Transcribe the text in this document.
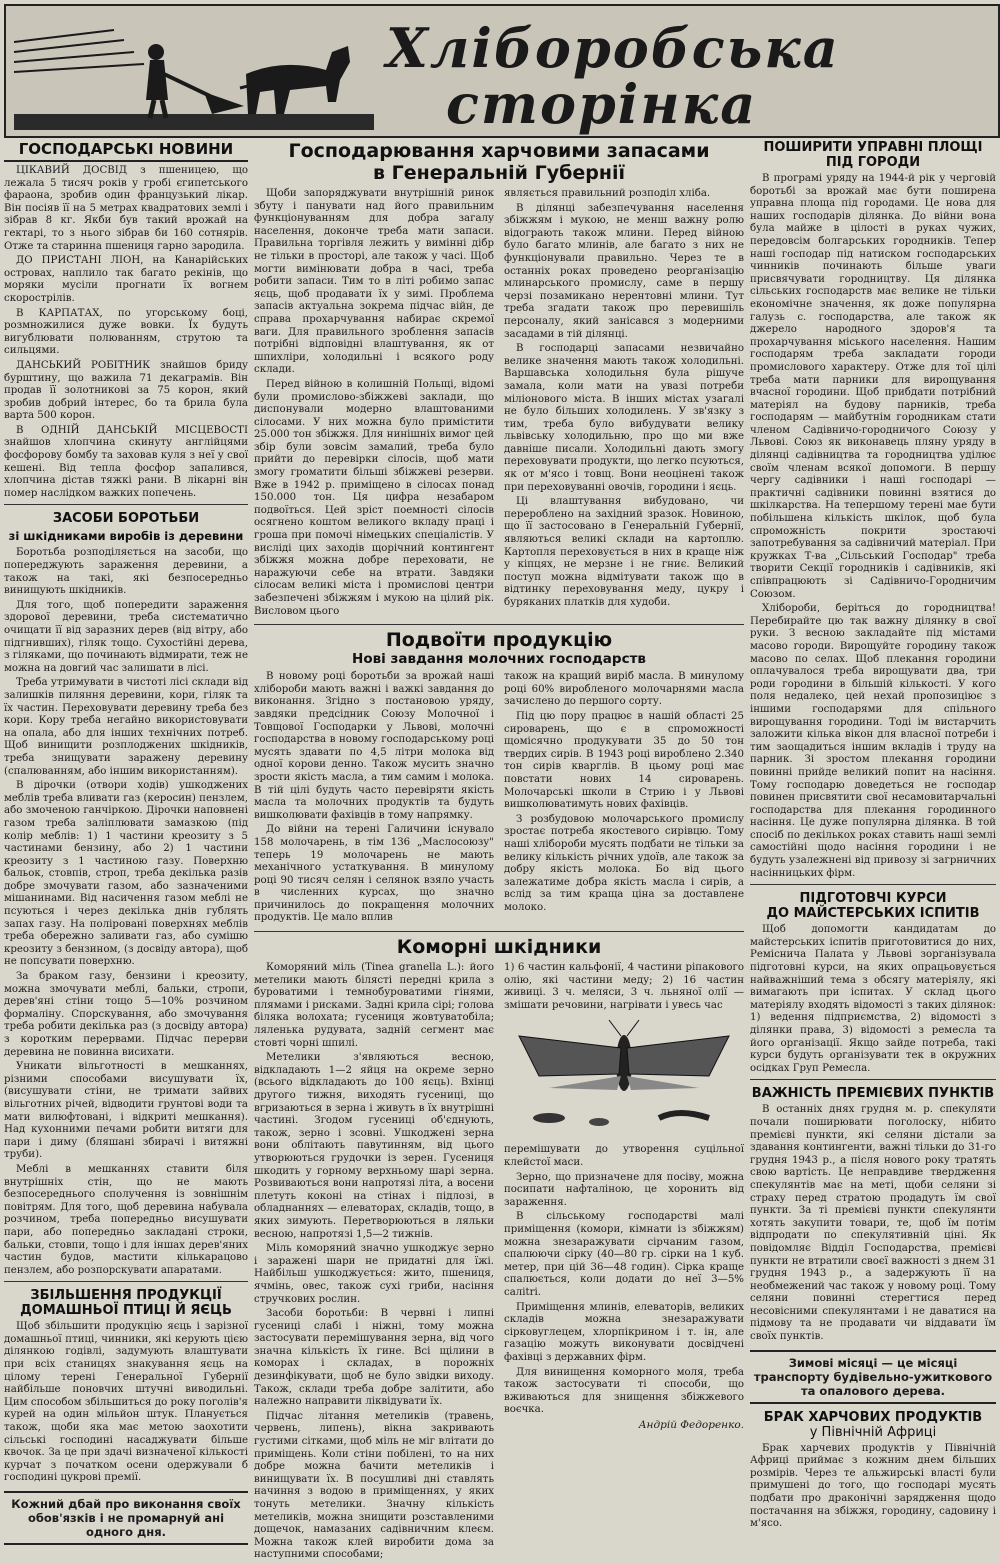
Хліборобська
сторінка
ГОСПОДАРСЬКІ НОВИНИ

ЦІКАВИЙ ДОСВІД з пшеницею, що лежала 5 тисяч років у гробі єгипетського фараона, зробив один французький лікар. Він посіяв її на 5 метрах квадратових землі і зібрав 8 кг. Якби був такий врожай на гектарі, то з нього зібрав би 160 сотнярів. Отже та старинна пшениця гарно зародила.

ДО ПРИСТАНІ ЛІОН, на Канарійських островах, наплило так багато рекінів, що моряки мусіли прогнати їх вогнем скорострілів.

В КАРПАТАХ, по угорському боці, розмножилися дуже вовки. Їх будуть вигублювати полюванням, струтою та сильцями.

ДАНСЬКИЙ РОБІТНИК знайшов бриду бурштину, що важила 71 декаграмів. Він продав її золотникові за 75 корон, який зробив добрий інтерес, бо та брила була варта 500 корон.

В ОДНІЙ ДАНСЬКІЙ МІСЦЕВОСТІ знайшов хлопчина скинуту англійцями фосфорову бомбу та заховав куля з неї у свої кешені. Від тепла фосфор запалився, хлопчина дістав тяжкі рани. В лікарні він помер наслідком важких попечень.

ЗАСОБИ БОРОТЬБИ
зі шкідниками виробів із деревини

Боротьба розподіляється на засоби, що попереджують зараження деревини, а також на такі, які безпосередньо винищують шкідників.

Для того, щоб попередити зараження здорової деревини, треба систематично очищати її від заразних дерев (від вітру, або підгнивших), гіляк тощо. Сухостійні дерева, з гіляками, що починають відмирати, теж не можна на довгий час залишати в лісі.

Треба утримувати в чистоті лісі склади від залишків пиляння деревини, кори, гіляк та їх частин. Переховувати деревину треба без кори. Кору треба негайно використовувати на опала, або для інших технічних потреб. Щоб винищити розплоджених шкідників, треба знищувати заражену деревину (спалюванням, або іншим використанням).

В дірочки (отвори ходів) ушкоджених меблів треба вливати газ (керосин) пензлем, або змоченою ганчіркою. Дірочки наповнені газом треба заліплювати замазкою (під колір меблів: 1) 1 частини креозиту з 5 частинами бензину, або 2) 1 частини креозиту з 1 частиною газу. Поверхню бальок, стовпів, строп, треба декілька разів добре змочувати газом, або зазначеними мішанинами. Від насичення газом меблі не псуються і через декілька днів гублять запах газу. На поліровані поверхнях меблів треба обережно заливати газ, або сумішю креозиту з бензином, (з досвіду автора), щоб не попсувати поверхню.

За браком газу, бензини і креозиту, можна змочувати меблі, бальки, стропи, дерев'яні стіни тощо 5—10% розчином формаліну. Спорскування, або змочування треба робити декілька раз (з досвіду автора) з коротким перервами. Підчас перерви деревина не повинна висихати.

Уникати вільготності в мешканнях, різними способами висушувати їх, (висушувати стіни, не тримати зайвих вільготних річей, відводити грунтові води та мати вилюфтовані, і відкриті мешкання). Над кухонними печами робити витяги для пари і диму (бляшані збирачі і витяжні труби).

Меблі в мешканнях ставити біля внутрішніх стін, що не мають безпосереднього сполучення із зовнішнім повітрям. Для того, щоб деревина набувала розчином, треба попередньо висушувати пари, або попередньо закладані строки, бальки, стовпи, тощо і для іншах дерев'яних частин будов, мастити кількарацово пензлем, або розпорскувати апаратами.

ЗБІЛЬШЕННЯ ПРОДУКЦІЇ ДОМАШНЬОЇ ПТИЦІ Й ЯЄЦЬ

Щоб збільшити продукцію яєць і зарізної домашньої птиці, чинники, які керують цією ділянкою годівлі, задумують влаштувати при всіх станицях знакування яєць на цілому терені Генеральної Губернії найбільше поновчих штучні виводильні. Цим способом збільшиться до року поголів'я курей на один мільйон штук. Планується також, щоби яка має метою заохотити сільські господині насаджувати більше квочок. За це при здачі визначеної кількості курчат з початком осени одержували б господині цукрові премії.

Кожний дбай про виконання своїх обов'язків і не промарнуй ані одного дня.
Господарювання харчовими запасами
в Генеральній Губернії

Щоби запоряджувати внутрішній ринок збуту і панувати над його правильним функціонуванням для добра загалу населення, доконче треба мати запаси. Правильна торгівля лежить у вимінні дібр не тільки в просторі, але також у часі. Щоб могти вимінювати добра в часі, треба робити запаси. Тим то в літі робимо запас яєць, щоб продавати їх у зимі. Проблема запасів актуальна зокрема підчас війн, де справа прохарчування набирає скремої ваги. Для правильного зроблення запасів потрібні відповідні влаштування, як от шпихліри, холодильні і всякого роду склади.

Перед війною в колишній Польщі, відомі були промислово-збіжжеві заклади, що диспонували модерно влаштованими сілосами. У них можна було примістити 25.000 тон збіжжя. Для нинішніх вимог цей збір були зовсім замалий, треба було прийти до перевірки сілосів, щоб мати змогу громатити більші збіжжеві резерви. Вже в 1942 р. приміщено в сілосах понад 150.000 тон. Ця цифра незабаром подвоїться. Цей зріст поемності сілосів осягнено коштом великого вкладу праці і гроша при помочі німецьких спеціалістів. У висліді цих заходів щорічний контингент збіжжя можна добре переховати, не наражуючи себе на втрати. Завдяки сілосам великі міста і промислові центри забезпечені збіжжям і мукою на цілий рік. Висловом цього

являється правильний розподіл хліба.

В ділянці забезпечування населення збіжжям і мукою, не менш важну ролю відограють також млини. Перед війною було багато млинів, але багато з них не функціонували правильно. Через те в останніх роках проведено реорганізацію млинарського промислу, саме в першу черзі позамикано нерентовні млини. Тут треба згадати також про перевишіль персоналу, який занісався з модерними засадами в тій ділянці.

В господарці запасами незвичайно велике значення мають також холодильні. Варшавська холодильня була рішуче замала, коли мати на увазі потреби міліонового міста. В інших містах узагалі не було більших холодилень. У зв'язку з тим, треба було вибудувати велику львівську холодильню, про що ми вже давніше писали. Холодильні дають змогу переховувати продукти, що легко псуються, як от м'ясо і товщ. Вони неоцінені також при переховуванні овочів, городини і яєць.

Ці влаштування вибудовано, чи перероблено на західний зразок. Новиною, що її застосовано в Генеральній Губернії, являються великі склади на картоплю. Картопля переховується в них в краще ніж у кіпцях, не мерзне і не гниє. Великий поступ можна відмітувати також що в відтинку переховування меду, цукру і буряканих платків для худоби.

Подвоїти продукцію
Нові завдання молочних господарств

В новому році боротьби за врожай наші хлібороби мають важні і важкі завдання до виконання. Згідно з постановою уряду, завдяки предсідник Союзу Молочної і Товщової Господарки у Львові, молочні господарства в новому господарському році мусять здавати по 4,5 літри молока від одної корови денно. Також мусить значно зрости якість масла, а тим самим і молока. В тій цілі будуть часто перевіряти якість масла та молочних продуктів та будуть вишколювати фахівців в тому напрямку.

До війни на терені Галичини існувало 158 молочарень, в тім 136 „Маслосоюзу" теперь 19 молочарень не мають механічного устаткування. В минулому році 90 тисяч селян і селянок взяло участь в численних курсах, що значно причинилось до покращення молочних продуктів. Це мало вплив

також на кращий виріб масла. В минулому році 60% виробленого молочарнями масла зачислено до першого сорту.

Під цю пору працює в нашій області 25 сироварень, що є в спроможності щомісячно продукувати 35 до 50 тон твердих сирів. В 1943 році вироблено 2.340 тон сирів кварглів. В цьому році має повстати нових 14 сироварень. Молочарські школи в Стрию і у Львові вишколюватимуть нових фахівців.

З розбудовою молочарського промислу зростає потреба якостевого сирівцю. Тому наші хлібороби мусять подбати не тільки за велику кількість річних удоїв, але також за добру якість молока. Бо від цього залежатиме добра якість масла і сирів, а вслід за тим краща ціна за доставлене молоко.

Коморні шкідники

Коморяний міль (Tinea granella L.): його метелики мають білясті передні крила з буроватими і темнобуроватими гінями, плямами і рисками. Задні крила сірі; голова біляка волохата; гусениця жовтуватобіла; ляленька рудувата, задній сегмент має стовті чорні шпилі.

Метелики з'являються весною, відкладають 1—2 яйця на окреме зерно (всього відкладають до 100 яєць). Вхінці другого тижня, виходять гусениці, що вгризаються в зерна і живуть в їх внутрішні частині. Згодом гусениці об'єднують, також, зерно і зсовні. Ушкоджені зерна вони облітають павутинням, від цього утворюються грудочки із зерен. Гусениця шкодить у горному верхньому шарі зерна. Розвиваються вони напротязі літа, а восени плетуть коконі на стінах і підлозі, в обладнаннях — елеваторах, складів, тощо, в яких зимують. Перетворюються в ляльки весною, напротязі 1,5—2 тижнів.

Міль коморяний значно ушкоджує зерно і заражені шари не придатні для їжі. Найбільш ушкоджується: жито, пшениця, ячмінь, овес, також сухі гриби, насіння стручкових рослин.

Засоби боротьби: В червні і липні гусениці слабі і ніжні, тому можна застосувати перемішування зерна, від чого значна кількість їх гине. Всі щілини в коморах і складах, в порожніх дезинфікувати, щоб не було звідки виходу. Також, склади треба добре залітити, або належно направити ліквідувати їх.

Підчас літання метеликів (травень, червень, липень), вікна закривають густими сітками, щоб міль не міг влітати до приміщень. Коли стіни побілені, то на них добре можна бачити метеликів і винищувати їх. В посушливі дні ставлять начиння з водою в приміщеннях, у яких тонуть метелики. Значну кількість метеликів, можна знищити розставленими дощечок, намазаних садівничним клеєм. Можна також клей виробити дома за наступними способами;

1) 6 частин кальфонії, 4 частини ріпакового олію, які частини меду; 2) 16 частин живиці. 3 ч. меляси, 3 ч. льняної олії — змішати речовини, нагрівати і увесь час

перемішувати до утворення суцільної клейстої маси.

Зерно, що призначене для посіву, можна посипати нафталіною, це хоронить від зараження.

В сільському господарстві малі приміщення (комори, кімнати із збіжжям) можна знезаражувати сірчаним газом, спалюючи сірку (40—80 гр. сірки на 1 куб. метер, при цій 36—48 годин). Сірка краще спалюється, коли додати до неї 3—5% саліtri.

Приміщення млинів, елеваторів, великих складів можна знезаражувати сірковуглецем, хлорпікрином і т. ін, але газацію можуть виконувати досвідчені фахівці з державних фірм.

Для винищення коморного моля, треба також застосувати ті способи, що вживаються для знищення збіжжевого воєчка.

Андрій Федоренко.
ПОШИРИТИ УПРАВНІ ПЛОЩІ
ПІД ГОРОДИ

В програмі уряду на 1944-й рік у черговій боротьбі за врожай має бути поширена управна площа під городами. Це нова для наших господарів ділянка. До війни вона була майже в цілості в руках чужих, передовсім болгарських городників. Тепер наші господар під натиском господарських чинників починають більше уваги присвячувати городництву. Ця ділянка сільських господарств має велике не тільки економічне значення, як доже популярна галузь с. господарства, але також як джерело народного здоров'я та прохарчування міського населення. Нашим господарям треба закладати городи промислового характеру. Отже для тої цілі треба мати парники для вирощування вчасної городини. Щоб прибдати потрібний матеріял на будову парників, треба господарям — майбутнім городникам стати членом Садівничо-городничого Союзу у Львові. Союз як виконавець пляну уряду в ділянці садівництва та городництва уділює своїм членам всякої допомоги. В першу чергу садівники і наші господарі — практичні садівники повинні взятися до шкілкарства. На тепершому терені мае бути побільшена кількість шкілок, щоб була спроможність покрити зростаючі запотребування за садівничий матеріал. При кружках Т-ва „Сільський Господар" треба творити Секції городників і садівників, які співпрацюють зі Садівничо-Городничим Союзом.

Хлібороби, беріться до городництва! Перебирайте цю так важну ділянку в свої руки. З весною закладайте під містами масово городи. Вирощуйте городину також масово по селах. Щоб плекання городини оплачувалося треба вирощувати два, три роди городини в більшій кількості. У кого поля недалеко, цей нехай пропозиціює з іншими господарями для спільного вирощування городини. Тоді ім вистарчить заложити кілька вікон для власної потреби і тим заощадиться іншим вкладів і труду на парник. Зі зростом плекання городини повинні прийде великий попит на насіння. Тому господарю доведеться не господар повинен присвятити свої несамовитарчальні господарства для плекання городинного насіння. Це дуже популярна ділянка. В той спосіб по декількох роках ставить наші землі самостійні щодо насіння городини і не будуть узалежнені від привозу зі загрничних насінницьких фірм.

ПІДГОТОВЧІ КУРСИ
ДО МАЙСТЕРСЬКИХ ІСПИТІВ

Щоб допомогти кандидатам до майстерських іспитів приготовитися до них, Реміснича Палата у Львові зорганізувала підготовні курси, на яких опрацьовується найважніший тема з обсягу матеріялу, які вимагають при іспитах. У склад цього матеріялу входять відомості з таких ділянок: 1) ведення підприємства, 2) відомості з ділянки права, 3) відомості з ремесла та його організації. Якщо зайде потреба, такі курси будуть організувати тек в окружних осідках Груп Ремесла.

ВАЖНІСТЬ ПРЕМІЄВИХ ПУНКТІВ

В останніх днях грудня м. р. спекуляти почали поширювати поголоску, нібито премієві пункти, які селяни дістали за здавання контингенти, важні тільки до 31-го грудня 1943 р., а після нового року тратять свою вартість. Це неправдиве твердження спекулянтів має на меті, щоби селяни зі страху перед стратою продадуть їм свої пункти. За ті премієві пункти спекулянти хотять закупити товари, те, щоб їм потім відпродати по спекулятивній ціні. Як повідомляє Відділ Господарства, премієві пункти не втратили своєї важності з днем 31 грудня 1943 р., а задержують її на необмежений час також у новому році. Тому селяни повинні стерегтися перед несовісними спекулянтами і не даватися на підмову та не продавати чи віддавати їм своїх пунктів.

Зимові місяці — це місяці транспорту будівельно-ужиткового та опалового дерева.
БРАК ХАРЧОВИХ ПРОДУКТІВ
у Північній Африці

Брак харчевих продуктів у Північній Африці приймає з кожним днем більших розмірів. Через те альжирські власті були примушені до того, що господарі мусять подбати про драконічні зарядження щодо постачання на збіжжя, городину, садовину і м'ясо.
